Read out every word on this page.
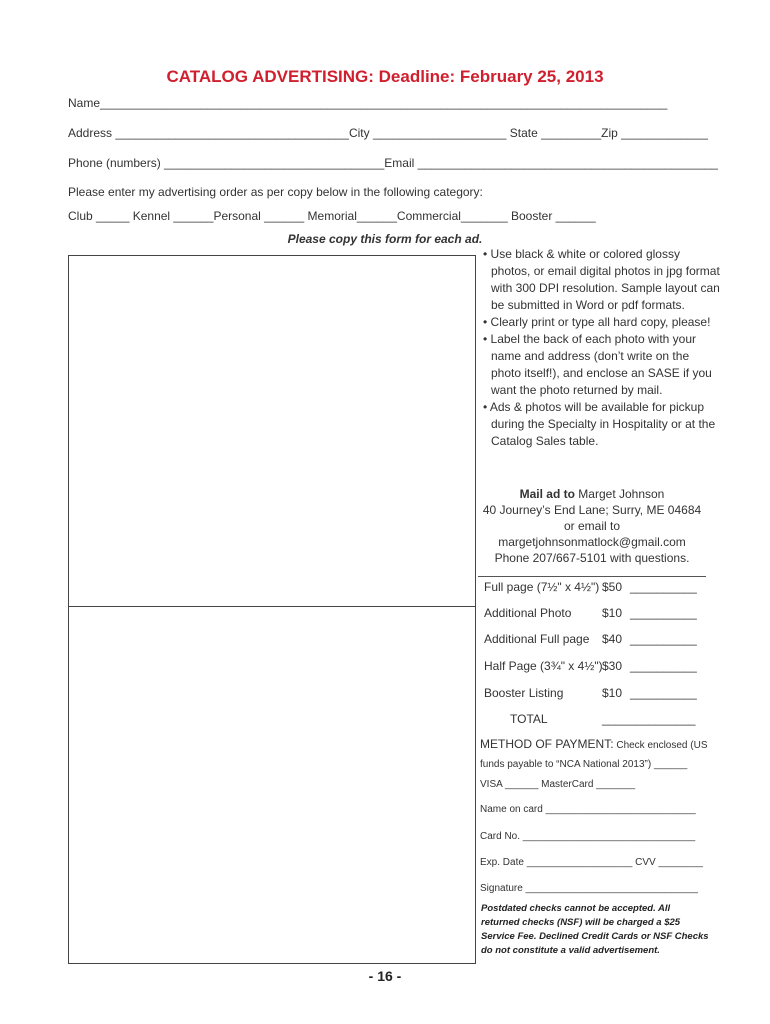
CATALOG ADVERTISING: Deadline: February 25, 2013
Name_____________________________________________________________________________________
Address ___________________________________City ____________________ State _________Zip _____________
Phone (numbers) _________________________________Email _____________________________________________
Please enter my advertising order as per copy below in the following category:
Club _____ Kennel ______Personal ______ Memorial______Commercial_______ Booster ______
Please copy this form for each ad.
• Use black & white or colored glossy photos, or email digital photos in jpg format with 300 DPI resolution. Sample layout can be submitted in Word or pdf formats.
• Clearly print or type all hard copy, please!
• Label the back of each photo with your name and address (don’t write on the photo itself!), and enclose an SASE if you want the photo returned by mail.
• Ads & photos will be available for pickup during the Specialty in Hospitality or at the Catalog Sales table.
Mail ad to Marget Johnson
40 Journey’s End Lane; Surry, ME 04684
or email to
margetjohnsonmatlock@gmail.com
Phone 207/667-5101 with questions.
Full page (7½" x 4½") $50 __________
Additional Photo	$10 __________
Additional Full page $40 __________
Half Page (3¾" x 4½") $30 __________
Booster Listing	$10 __________
TOTAL	______________
METHOD OF PAYMENT: Check enclosed (US
funds payable to “NCA National 2013”) ______
VISA ______ MasterCard _______
Name on card ___________________________
Card No. _______________________________
Exp. Date ___________________ CVV ________
Signature _______________________________
Postdated checks cannot be accepted. All returned checks (NSF) will be charged a $25 Service Fee. Declined Credit Cards or NSF Checks do not constitute a valid advertisement.
- 16 -
